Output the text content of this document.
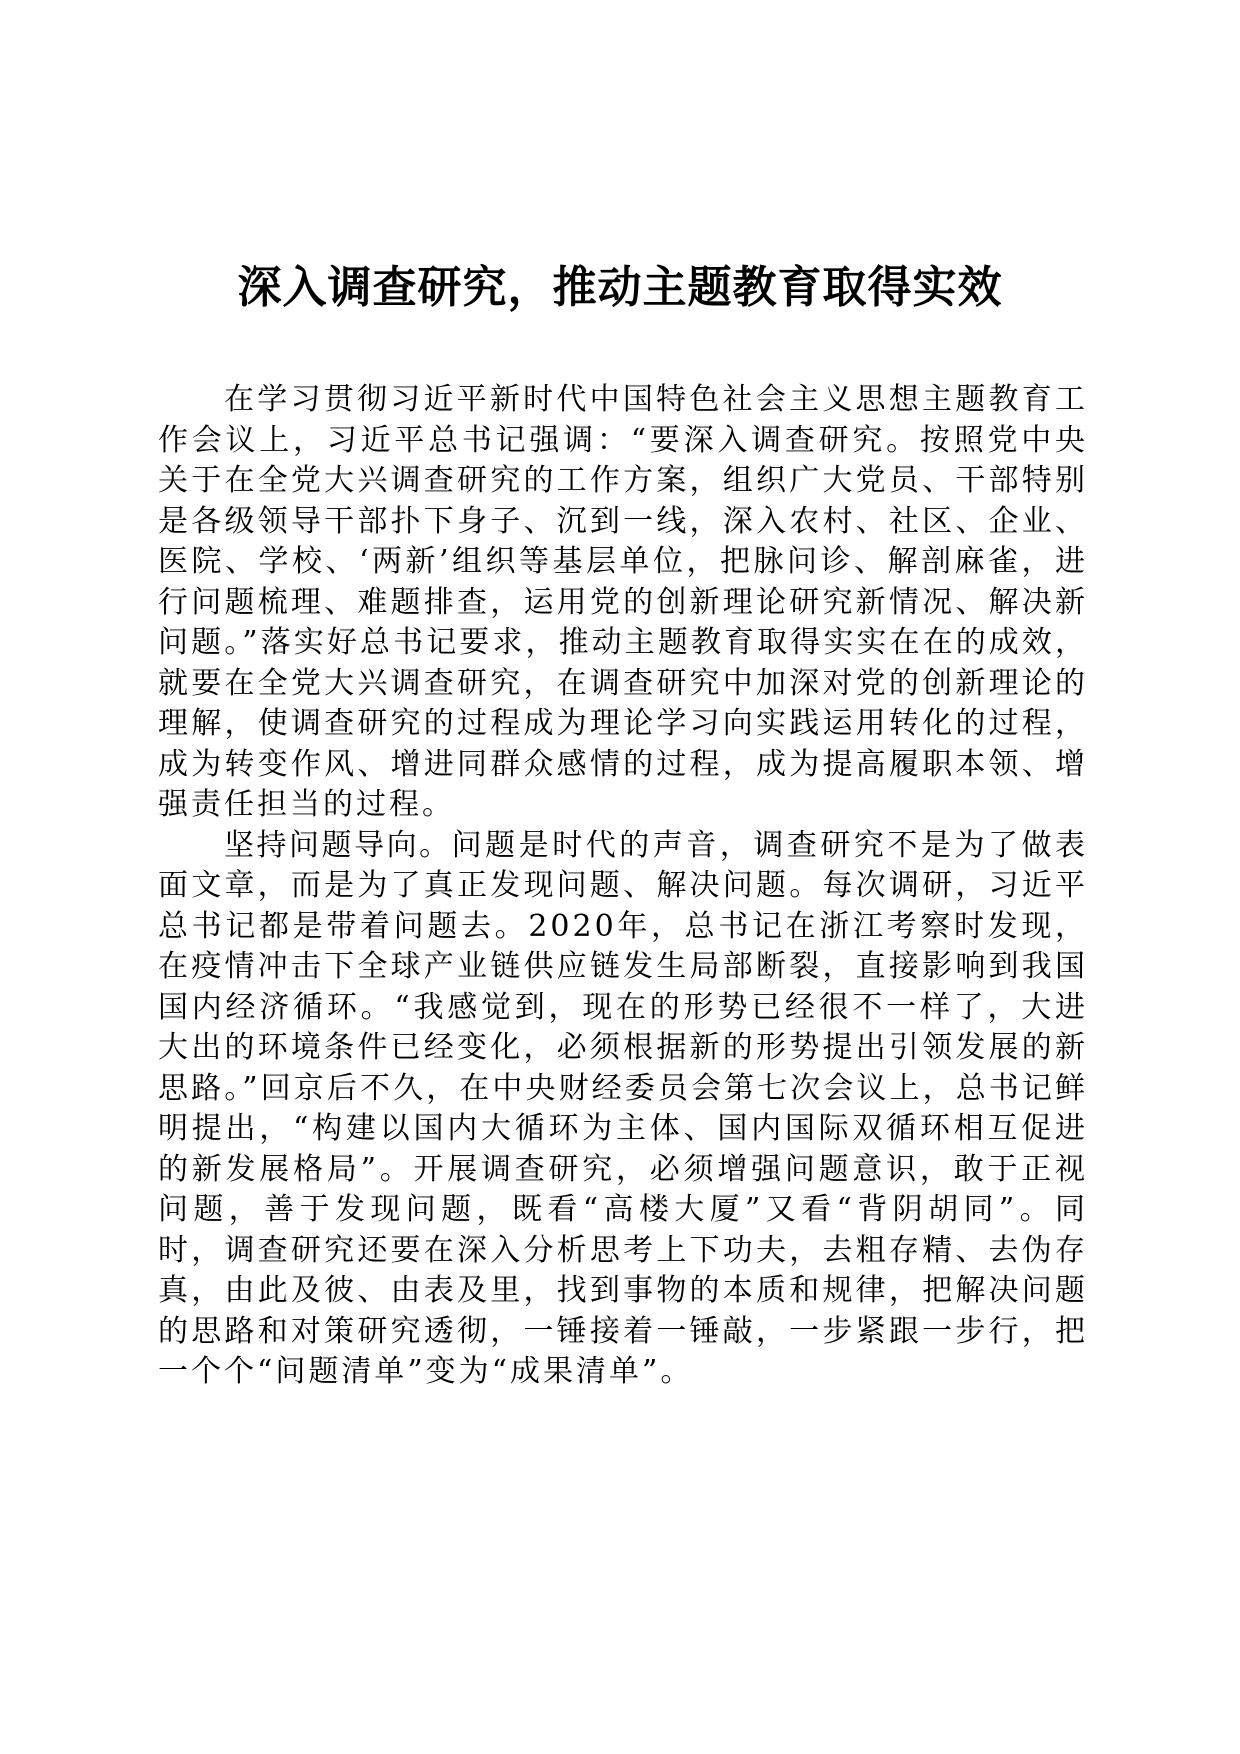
深入调查研究，推动主题教育取得实效

在学习贯彻习近平新时代中国特色社会主义思想主题教育工作会议上，习近平总书记强调：“要深入调查研究。按照党中央关于在全党大兴调查研究的工作方案，组织广大党员、干部特别是各级领导干部扑下身子、沉到一线，深入农村、社区、企业、医院、学校、‘两新’组织等基层单位，把脉问诊、解剖麻雀，进行问题梳理、难题排查，运用党的创新理论研究新情况、解决新问题。”落实好总书记要求，推动主题教育取得实实在在的成效，就要在全党大兴调查研究，在调查研究中加深对党的创新理论的理解，使调查研究的过程成为理论学习向实践运用转化的过程，成为转变作风、增进同群众感情的过程，成为提高履职本领、增强责任担当的过程。

坚持问题导向。问题是时代的声音，调查研究不是为了做表面文章，而是为了真正发现问题、解决问题。每次调研，习近平总书记都是带着问题去。2020年，总书记在浙江考察时发现，在疫情冲击下全球产业链供应链发生局部断裂，直接影响到我国国内经济循环。“我感觉到，现在的形势已经很不一样了，大进大出的环境条件已经变化，必须根据新的形势提出引领发展的新思路。”回京后不久，在中央财经委员会第七次会议上，总书记鲜明提出，“构建以国内大循环为主体、国内国际双循环相互促进的新发展格局”。开展调查研究，必须增强问题意识，敢于正视问题，善于发现问题，既看“高楼大厦”又看“背阴胡同”。同时，调查研究还要在深入分析思考上下功夫，去粗存精、去伪存真，由此及彼、由表及里，找到事物的本质和规律，把解决问题的思路和对策研究透彻，一锤接着一锤敲，一步紧跟一步行，把一个个“问题清单”变为“成果清单”。
